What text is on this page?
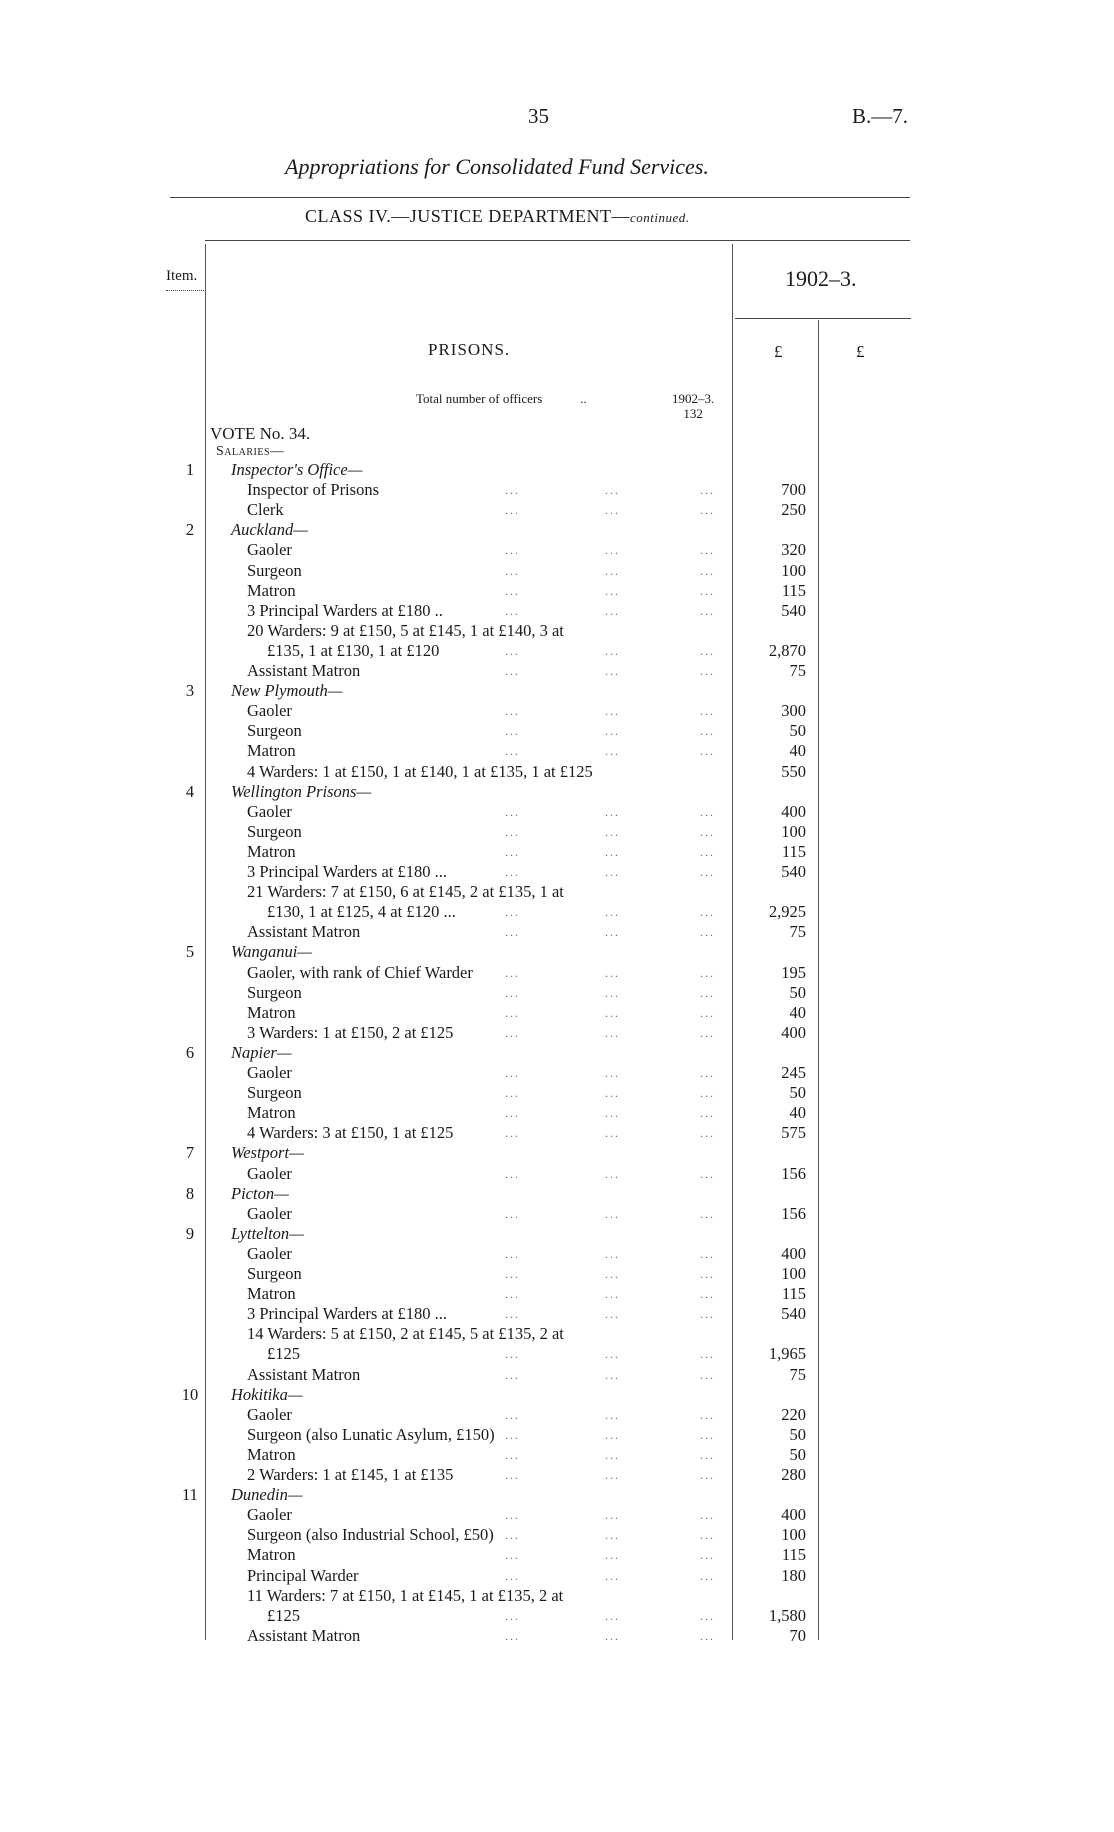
35	B.—7.
Appropriations for Consolidated Fund Services.
CLASS IV.—JUSTICE DEPARTMENT—continued.
Item.	1902–3.
£	£
PRISONS.
Total number of officers	..	1902–3.
132
VOTE No. 34.
Salaries—
1	Inspector's Office—
Inspector of Prisons	...	...	...	700
Clerk	...	...	...	250
2	Auckland—
Gaoler	...	...	...	320
Surgeon	...	...	...	100
Matron	...	...	...	115
3 Principal Warders at £180 ..	...	...	...	540
20 Warders: 9 at £150, 5 at £145, 1 at £140, 3 at
£135, 1 at £130, 1 at £120	...	...	...	2,870
Assistant Matron	...	...	...	75
3	New Plymouth—
Gaoler	...	...	...	300
Surgeon	...	...	...	50
Matron	...	...	...	40
4 Warders: 1 at £150, 1 at £140, 1 at £135, 1 at £125	550
4	Wellington Prisons—
Gaoler	...	...	...	400
Surgeon	...	...	...	100
Matron	...	...	...	115
3 Principal Warders at £180 ...	...	...	...	540
21 Warders: 7 at £150, 6 at £145, 2 at £135, 1 at
£130, 1 at £125, 4 at £120 ...	...	...	...	2,925
Assistant Matron	...	...	...	75
5	Wanganui—
Gaoler, with rank of Chief Warder	...	...	...	195
Surgeon	...	...	...	50
Matron	...	...	...	40
3 Warders: 1 at £150, 2 at £125	...	...	...	400
6	Napier—
Gaoler	...	...	...	245
Surgeon	...	...	...	50
Matron	...	...	...	40
4 Warders: 3 at £150, 1 at £125	...	...	...	575
7	Westport—
Gaoler	...	...	...	156
8	Picton—
Gaoler	...	...	...	156
9	Lyttelton—
Gaoler	...	...	...	400
Surgeon	...	...	...	100
Matron	...	...	...	115
3 Principal Warders at £180 ...	...	...	...	540
14 Warders: 5 at £150, 2 at £145, 5 at £135, 2 at
£125	...	...	...	1,965
Assistant Matron	...	...	...	75
10	Hokitika—
Gaoler	...	...	...	220
Surgeon (also Lunatic Asylum, £150) ...	...	...	50
Matron	...	...	...	50
2 Warders: 1 at £145, 1 at £135	...	...	...	280
11	Dunedin—
Gaoler	...	...	...	400
Surgeon (also Industrial School, £50) ...	...	...	100
Matron	...	...	...	115
Principal Warder	...	...	...	180
11 Warders: 7 at £150, 1 at £145, 1 at £135, 2 at
£125	...	...	...	1,580
Assistant Matron	...	...	...	70
